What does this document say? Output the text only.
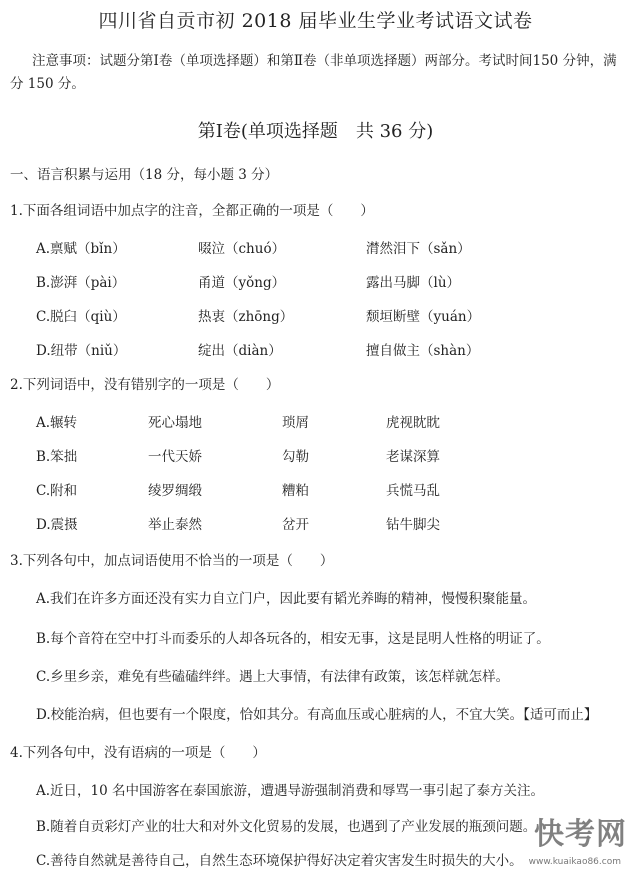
四川省自贡市初 2018 届毕业生学业考试语文试卷
注意事项：试题分第Ⅰ卷（单项选择题）和第Ⅱ卷（非单项选择题）两部分。考试时间150 分钟，满分 150 分。
第Ⅰ卷(单项选择题　共 36 分)
一、语言积累与运用（18 分，每小题 3 分）
1.下面各组词语中加点字的注音，全都正确的一项是（　　）
A.禀赋（bǐn）	啜泣（chuó）	潸然泪下（sǎn）
B.澎湃（pài）	甬道（yǒng）	露出马脚（lù）
C.脱臼（qiù）	热衷（zhōng）	颓垣断壁（yuán）
D.纽带（niǔ）	绽出（diàn）	擅自做主（shàn）
2.下列词语中，没有错别字的一项是（　　）
A.辗转	死心塌地	琐屑	虎视眈眈
B.笨拙	一代天娇	勾勒	老谋深算
C.附和	绫罗绸缎	糟粕	兵慌马乱
D.震摄	举止泰然	岔开	钻牛脚尖
3.下列各句中，加点词语使用不恰当的一项是（　　）
A.我们在许多方面还没有实力自立门户，因此要有韬光养晦的精神，慢慢积聚能量。
B.每个音符在空中打斗而委乐的人却各玩各的，相安无事，这是昆明人性格的明证了。
C.乡里乡亲，难免有些磕磕绊绊。遇上大事情，有法律有政策，该怎样就怎样。
D.校能治病，但也要有一个限度，恰如其分。有高血压或心脏病的人，不宜大笑。【适可而止】
4.下列各句中，没有语病的一项是（　　）
A.近日，10 名中国游客在泰国旅游，遭遇导游强制消费和辱骂一事引起了泰方关注。
B.随着自贡彩灯产业的壮大和对外文化贸易的发展，也遇到了产业发展的瓶颈问题。
C.善待自然就是善待自己，自然生态环境保护得好决定着灾害发生时损失的大小。
快考网
www.kuaikao86.com
